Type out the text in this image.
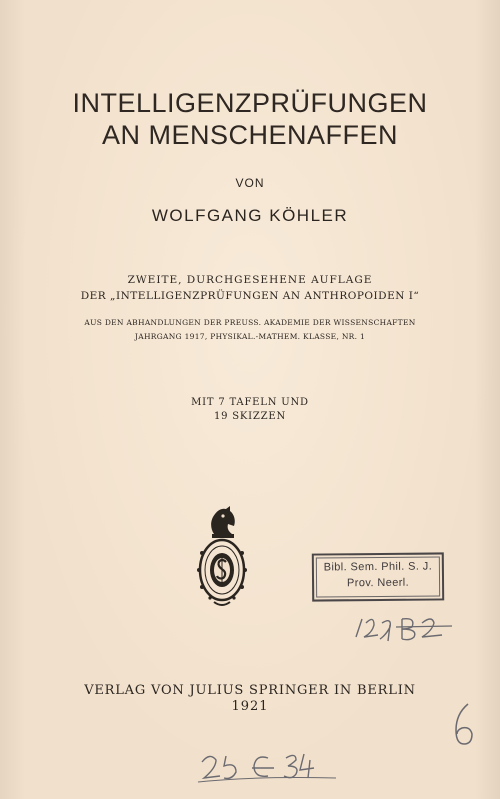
INTELLIGENZPRÜFUNGEN
AN MENSCHENAFFEN
VON
WOLFGANG KÖHLER
ZWEITE, DURCHGESEHENE AUFLAGE
DER „INTELLIGENZPRÜFUNGEN AN ANTHROPOIDEN I“
AUS DEN ABHANDLUNGEN DER PREUSS. AKADEMIE DER WISSENSCHAFTEN
JAHRGANG 1917, PHYSIKAL.-MATHEM. KLASSE, NR. 1
MIT 7 TAFELN UND
19 SKIZZEN
Bibl. Sem. Phil. S. J.
Prov. Neerl.
VERLAG VON JULIUS SPRINGER IN BERLIN
1921
